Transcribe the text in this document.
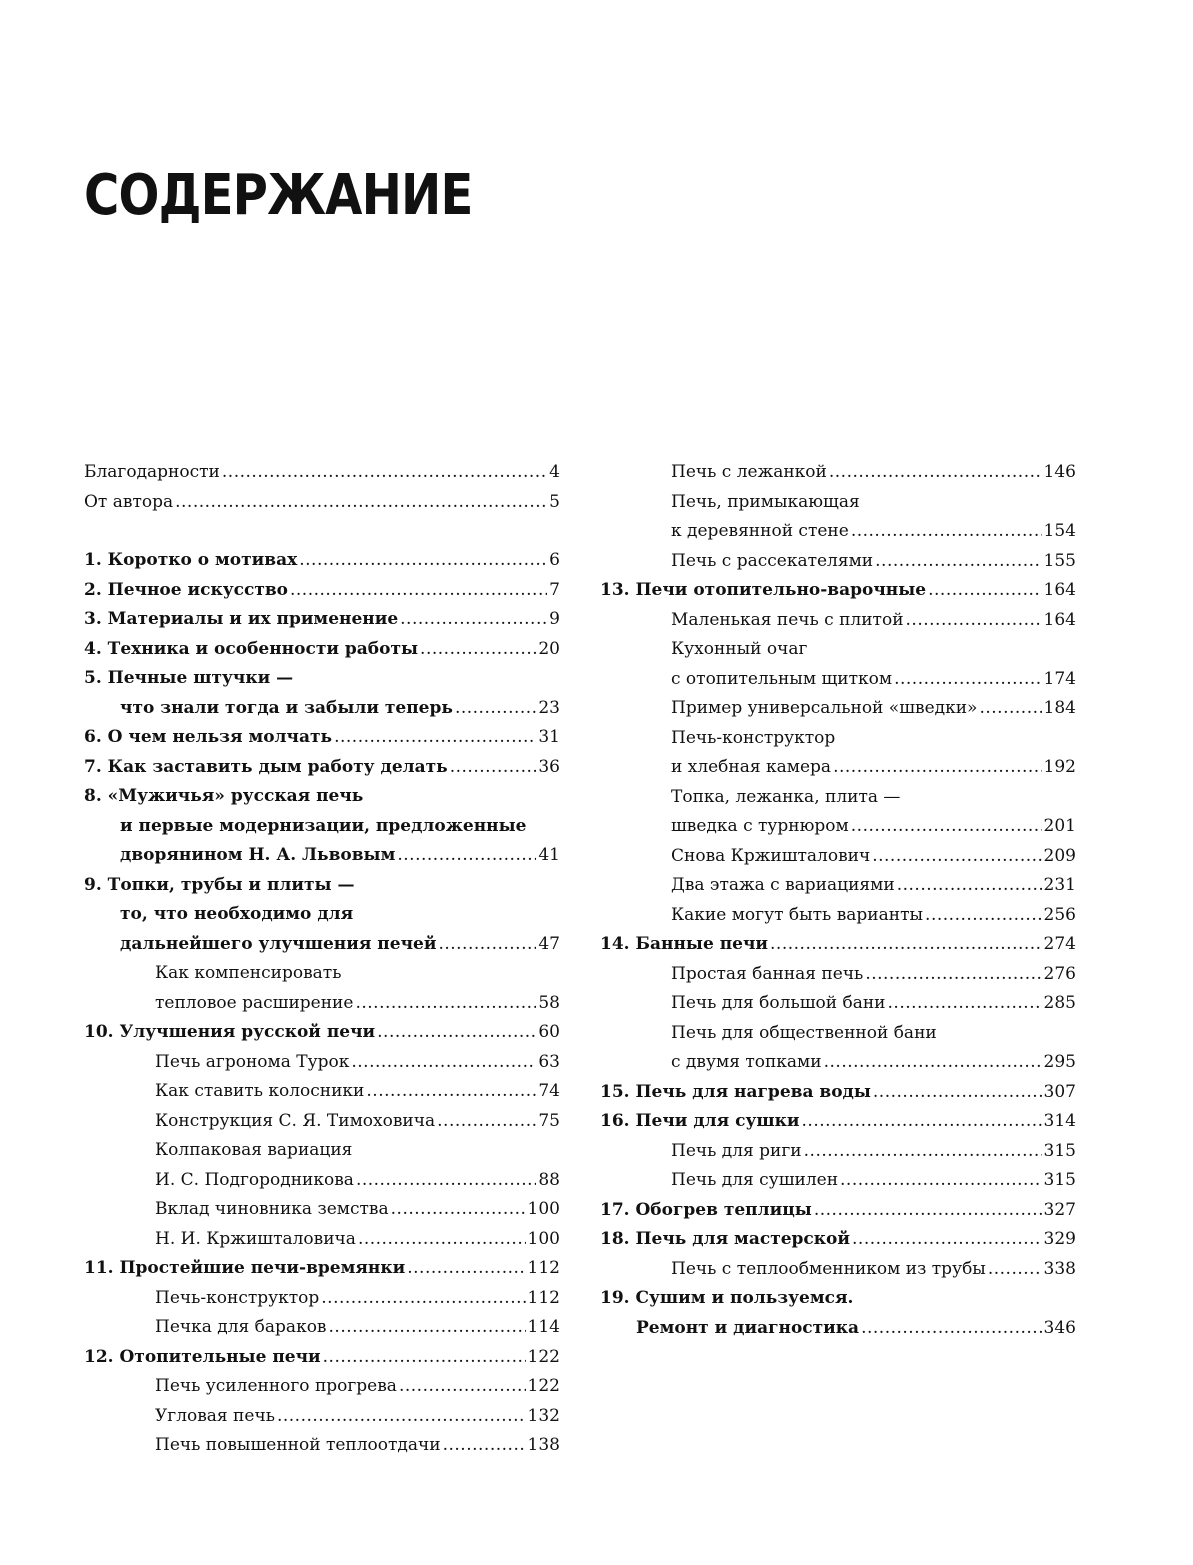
СОДЕРЖАНИЕ
Благодарности .....	4
От автора .....	5
1. Коротко о мотивах .....	6
2. Печное искусство .....	7
3. Материалы и их применение .....	9
4. Техника и особенности работы .....	20
5. Печные штучки —
что знали тогда и забыли теперь .....	23
6. О чем нельзя молчать .....	31
7. Как заставить дым работу делать .....	36
8. «Мужичья» русская печь
и первые модернизации, предложенные
дворянином Н. А. Львовым .....	41
9. Топки, трубы и плиты —
то, что необходимо для
дальнейшего улучшения печей .....	47
Как компенсировать
тепловое расширение .....	58
10. Улучшения русской печи .....	60
Печь агронома Турок .....	63
Как ставить колосники .....	74
Конструкция С. Я. Тимоховича .....	75
Колпаковая вариация
И. С. Подгородникова .....	88
Вклад чиновника земства .....	100
Н. И. Кржишталовича .....	100
11. Простейшие печи-времянки .....	112
Печь-конструктор .....	112
Печка для бараков .....	114
12. Отопительные печи .....	122
Печь усиленного прогрева .....	122
Угловая печь .....	132
Печь повышенной теплоотдачи .....	138
Печь с лежанкой .....	146
Печь, примыкающая
к деревянной стене .....	154
Печь с рассекателями .....	155
13. Печи отопительно-варочные .....	164
Маленькая печь с плитой .....	164
Кухонный очаг
с отопительным щитком .....	174
Пример универсальной «шведки» .....	184
Печь-конструктор
и хлебная камера .....	192
Топка, лежанка, плита —
шведка с турнюром .....	201
Снова Кржишталович .....	209
Два этажа с вариациями .....	231
Какие могут быть варианты .....	256
14. Банные печи .....	274
Простая банная печь .....	276
Печь для большой бани .....	285
Печь для общественной бани
с двумя топками .....	295
15. Печь для нагрева воды .....	307
16. Печи для сушки .....	314
Печь для риги .....	315
Печь для сушилен .....	315
17. Обогрев теплицы .....	327
18. Печь для мастерской .....	329
Печь с теплообменником из трубы .....	338
19. Сушим и пользуемся.
Ремонт и диагностика .....	346
